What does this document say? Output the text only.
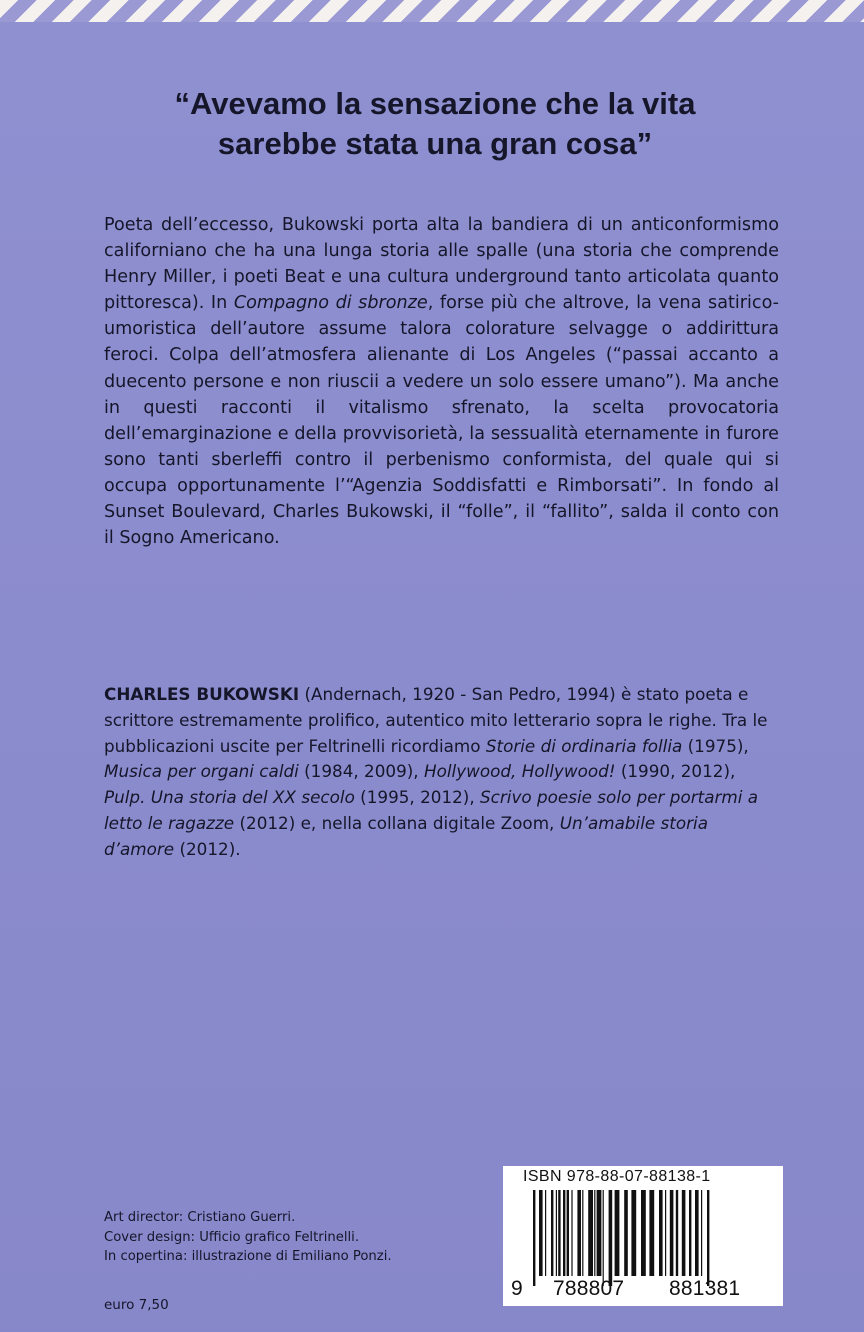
“Avevamo la sensazione che la vita
sarebbe stata una gran cosa”

Poeta dell’eccesso, Bukowski porta alta la bandiera di un anticonformismo californiano che ha una lunga storia alle spalle (una storia che comprende Henry Miller, i poeti Beat e una cultura underground tanto articolata quanto pittoresca). In Compagno di sbronze, forse più che altrove, la vena satirico-umoristica dell’autore assume talora colorature selvagge o addirittura feroci. Colpa dell’atmosfera alienante di Los Angeles (“passai accanto a duecento persone e non riuscii a vedere un solo essere umano”). Ma anche in questi racconti il vitalismo sfrenato, la scelta provocatoria dell’emarginazione e della provvisorietà, la sessualità eternamente in furore sono tanti sberleffi contro il perbenismo conformista, del quale qui si occupa opportunamente l’“Agenzia Soddisfatti e Rimborsati”. In fondo al Sunset Boulevard, Charles Bukowski, il “folle”, il “fallito”, salda il conto con il Sogno Americano.

CHARLES BUKOWSKI (Andernach, 1920 - San Pedro, 1994) è stato poeta e scrittore estremamente prolifico, autentico mito letterario sopra le righe. Tra le pubblicazioni uscite per Feltrinelli ricordiamo Storie di ordinaria follia (1975), Musica per organi caldi (1984, 2009), Hollywood, Hollywood! (1990, 2012), Pulp. Una storia del XX secolo (1995, 2012), Scrivo poesie solo per portarmi a letto le ragazze (2012) e, nella collana digitale Zoom, Un’amabile storia d’amore (2012).

Art director: Cristiano Guerri.
Cover design: Ufficio grafico Feltrinelli.
In copertina: illustrazione di Emiliano Ponzi.
euro 7,50
ISBN 978-88-07-88138-1
9 788807 881381
